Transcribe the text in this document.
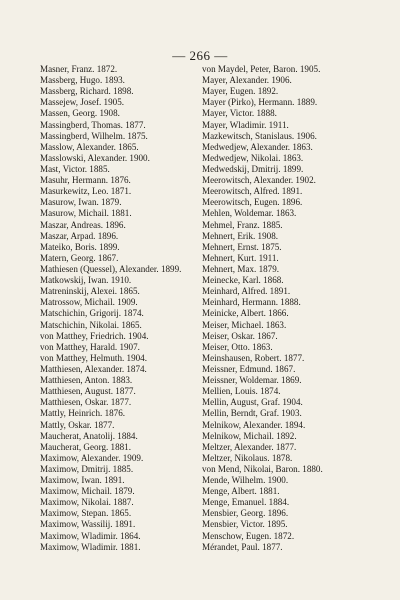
— 266 —
Masner, Franz. 1872.
Massberg, Hugo. 1893.
Massberg, Richard. 1898.
Massejew, Josef. 1905.
Massen, Georg. 1908.
Massingberd, Thomas. 1877.
Massingberd, Wilhelm. 1875.
Masslow, Alexander. 1865.
Masslowski, Alexander. 1900.
Mast, Victor. 1885.
Masuhr, Hermann. 1876.
Masurkewitz, Leo. 1871.
Masurow, Iwan. 1879.
Masurow, Michail. 1881.
Maszar, Andreas. 1896.
Maszar, Arpad. 1896.
Mateiko, Boris. 1899.
Matern, Georg. 1867.
Mathiesen (Quessel), Alexander. 1899.
Matkowskij, Iwan. 1910.
Matreninskij, Alexei. 1865.
Matrossow, Michail. 1909.
Matschichin, Grigorij. 1874.
Matschichin, Nikolai. 1865.
von Matthey, Friedrich. 1904.
von Matthey, Harald. 1907.
von Matthey, Helmuth. 1904.
Matthiesen, Alexander. 1874.
Matthiesen, Anton. 1883.
Matthiesen, August. 1877.
Matthiesen, Oskar. 1877.
Mattly, Heinrich. 1876.
Mattly, Oskar. 1877.
Maucherat, Anatolij. 1884.
Maucherat, Georg. 1881.
Maximow, Alexander. 1909.
Maximow, Dmitrij. 1885.
Maximow, Iwan. 1891.
Maximow, Michail. 1879.
Maximow, Nikolai. 1887.
Maximow, Stepan. 1865.
Maximow, Wassilij. 1891.
Maximow, Wladimir. 1864.
Maximow, Wladimir. 1881.
von Maydel, Peter, Baron. 1905.
Mayer, Alexander. 1906.
Mayer, Eugen. 1892.
Mayer (Pirko), Hermann. 1889.
Mayer, Victor. 1888.
Mayer, Wladimir. 1911.
Mazkewitsch, Stanislaus. 1906.
Medwedjew, Alexander. 1863.
Medwedjew, Nikolai. 1863.
Medwedskij, Dmitrij. 1899.
Meerowitsch, Alexander. 1902.
Meerowitsch, Alfred. 1891.
Meerowitsch, Eugen. 1896.
Mehlen, Woldemar. 1863.
Mehmel, Franz. 1885.
Mehnert, Erik. 1908.
Mehnert, Ernst. 1875.
Mehnert, Kurt. 1911.
Mehnert, Max. 1879.
Meinecke, Karl. 1868.
Meinhard, Alfred. 1891.
Meinhard, Hermann. 1888.
Meinicke, Albert. 1866.
Meiser, Michael. 1863.
Meiser, Oskar. 1867.
Meiser, Otto. 1863.
Meinshausen, Robert. 1877.
Meissner, Edmund. 1867.
Meissner, Woldemar. 1869.
Mellien, Louis. 1874.
Mellin, August, Graf. 1904.
Mellin, Berndt, Graf. 1903.
Melnikow, Alexander. 1894.
Melnikow, Michail. 1892.
Meltzer, Alexander. 1877.
Meltzer, Nikolaus. 1878.
von Mend, Nikolai, Baron. 1880.
Mende, Wilhelm. 1900.
Menge, Albert. 1881.
Menge, Emanuel. 1884.
Mensbier, Georg. 1896.
Mensbier, Victor. 1895.
Menschow, Eugen. 1872.
Mérandet, Paul. 1877.
